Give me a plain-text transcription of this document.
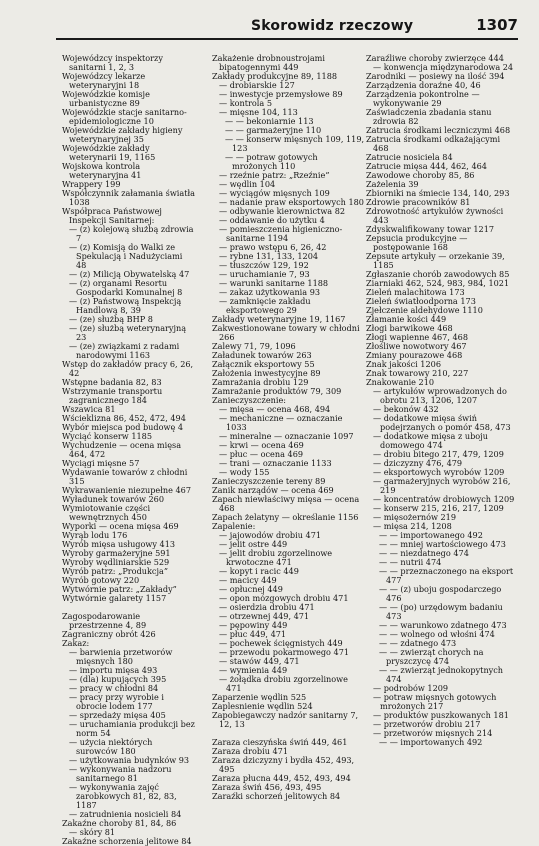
Skorowidz rzeczowy	1307
Wojewódzcy inspektorzy sanitarni 1, 2, 3
Wojewódzcy lekarze weterynaryjni 18
Wojewódzkie komisje urbanistyczne 89
Wojewódzkie stacje sanitarno-epidemiologiczne 10
Wojewódzkie zakłady higieny weterynaryjnej 35
Wojewódzkie zakłady weterynarii 19, 1165
Wojskowa kontrola weterynaryjna 41
Wrappery 199
Współczynnik załamania światła 1038
Współpraca Państwowej Inspekcji Sanitarnej:
— (z) kolejową służbą zdrowia 7
— (z) Komisją do Walki ze Spekulacją i Nadużyciami 48
— (z) Milicją Obywatelską 47
— (z) organami Resortu Gospodarki Komunalnej 8
— (z) Państwową Inspekcją Handlową 8, 39
— (ze) służbą BHP 8
— (ze) służbą weterynaryjną 23
— (ze) związkami z radami narodowymi 1163
Wstęp do zakładów pracy 6, 26, 42
Wstępne badania 82, 83
Wstrzymanie transportu zagranicznego 184
Wszawica 81
Wścieklizna 86, 452, 472, 494
Wybór miejsca pod budowę 4
Wyciąć konserw 1185
Wychudzenie — ocena mięsa 464, 472
Wyciągi mięsne 57
Wydawanie towarów z chłodni 315
Wykrawanienie niezupełne 467
Wyładunek towarów 260
Wymiotowanie części wewnętrznych 450
Wyporki — ocena mięsa 469
Wyrąb lodu 176
Wyrób mięsa usługowy 413
Wyroby garmażeryjne 591
Wyroby wędliniarskie 529
Wyrób patrz: „Produkcja”
Wyrób gotowy 220
Wytwórnie patrz: „Zakłady”
Wytwórnie galarety 1157
Zagospodarowanie przestrzenne 4, 89
Zagraniczny obrót 426
Zakaz:
— barwienia przetworów mięsnych 180
— importu mięsa 493
— (dla) kupujących 395
— pracy w chłodni 84
— pracy przy wyrobie i obrocie lodem 177
— sprzedaży mięsa 405
— uruchamiania produkcji bez norm 54
— użycia niektórych surowców 180
— użytkowania budynków 93
— wykonywania nadzoru sanitarnego 81
— wykonywania zajęć zarobkowych 81, 82, 83, 1187
— zatrudnienia nosicieli 84
Zakaźne choroby 81, 84, 86
— skóry 81
Zakaźne schorzenia jelitowe 84
Zakażenie drobnoustrojami bipatogennymi 449
Zakłady produkcyjne 89, 1188
— drobiarskie 127
— inwestycje przemysłowe 89
— kontrola 5
— mięsne 104, 113
— — bekoniarnie 113
— — garmażeryjne 110
— — konserw mięsnych 109, 119, 123
— — potraw gotowych mrożonych 110
— rzeźnie patrz: „Rzeźnie”
— wędlin 104
— wyciągów mięsnych 109
— nadanie praw eksportowych 180
— odbywanie kierownictwa 82
— oddawanie do użytku 4
— pomieszczenia higieniczno-sanitarne 1194
— prawo wstępu 6, 26, 42
— rybne 131, 133, 1204
— tłuszczów 129, 192
— uruchamianie 7, 93
— warunki sanitarne 1188
— zakaz użytkowania 93
— zamknięcie zakładu eksportowego 29
Zakłady weterynaryjne 19, 1167
Zakwestionowane towary w chłodni 266
Zalewy 71, 79, 1096
Załadunek towarów 263
Załącznik eksportowy 55
Założenia inwestycyjne 89
Zamrażania drobiu 129
Zamrażanie produktów 79, 309
Zanieczyszczenie:
— mięsa — ocena 468, 494
— mechaniczne — oznaczanie 1033
— mineralne — oznaczanie 1097
— krwi — ocena 469
— płuc — ocena 469
— trani — oznaczanie 1133
— wody 155
Zanieczyszczenie tereny 89
Zanik narządów — ocena 469
Zapach niewłaściwy mięsa — ocena 468
Zapach żelatyny — określanie 1156
Zapalenie:
— jajowodów drobiu 471
— jelit ostre 449
— jelit drobiu zgorzelinowe krwotoczne 471
— kopyt i racic 449
— macicy 449
— opłucnej 449
— opon mózgowych drobiu 471
— osierdzia drobiu 471
— otrzewnej 449, 471
— pępowiny 449
— płuc 449, 471
— pochewek ścięgnistych 449
— przewodu pokarmowego 471
— stawów 449, 471
— wymienia 449
— żołądka drobiu zgorzelinowe 471
Zaparzenie wędlin 525
Zaplesnienie wędlin 524
Zapobiegawczy nadzór sanitarny 7, 12, 13
Zaraza cieszyńska świń 449, 461
Zaraza drobiu 471
Zaraza dziczyzny i bydła 452, 493, 495
Zaraza płucna 449, 452, 493, 494
Zaraza świń 456, 493, 495
Zaraźki schorzeń jelitowych 84
Zaraźliwe choroby zwierzęce 444
— konwencja międzynarodowa 24
Zarodniki — posiewy na ilość 394
Zarządzenia doraźne 40, 46
Zarządzenia pokontrolne — wykonywanie 29
Zaświadczenia zbadania stanu zdrowia 82
Zatrucia środkami leczniczymi 468
Zatrucia środkami odkażającymi 468
Zatrucie nosiciela 84
Zatrucie mięsa 444, 462, 464
Zawodowe choroby 85, 86
Zażelenia 39
Zbiorniki na śmiecie 134, 140, 293
Zdrowie pracowników 81
Zdrowotność artykułów żywności 443
Zdyskwalifikowany towar 1217
Zepsucia produkcyjne — postępowanie 168
Zepsute artykuły — orzekanie 39, 1185
Zgłaszanie chorób zawodowych 85
Ziarniaki 462, 524, 983, 984, 1021
Zieleń malachitowa 173
Zieleń światłoodporna 173
Zjełczenie aldehydowe 1110
Złamanie kości 449
Złogi barwikowe 468
Złogi wapienne 467, 468
Złośliwe nowotwory 467
Zmiany pourazowe 468
Znak jakości 1206
Znak towarowy 210, 227
Znakowanie 210
— artykułów wprowadzonych do obrotu 213, 1206, 1207
— bekonów 432
— dodatkowe mięsa świń podejrzanych o pomór 458, 473
— dodatkowe mięsa z uboju domowego 474
— drobiu bitego 217, 479, 1209
— dziczyzny 476, 479
— eksportowych wyrobów 1209
— garmażeryjnych wyrobów 216, 219
— koncentratów drobiowych 1209
— konserw 215, 216, 217, 1209
— mięsożernów 219
— mięsa 214, 1208
— — importowanego 492
— — mniej wartościowego 473
— — niezdatnego 474
— — nutrii 474
— — przeznaczonego na eksport 477
— — (z) uboju gospodarczego 476
— — (po) urzędowym badaniu 473
— — warunkowo zdatnego 473
— — wolnego od włośni 474
— — zdatnego 473
— — zwierząt chorych na pryszczycę 474
— — zwierząt jednokopytnych 474
— podrobów 1209
— potraw mięsnych gotowych mrożonych 217
— produktów puszkowanych 181
— przetworów drobiu 217
— przetworów mięsnych 214
— — importowanych 492
